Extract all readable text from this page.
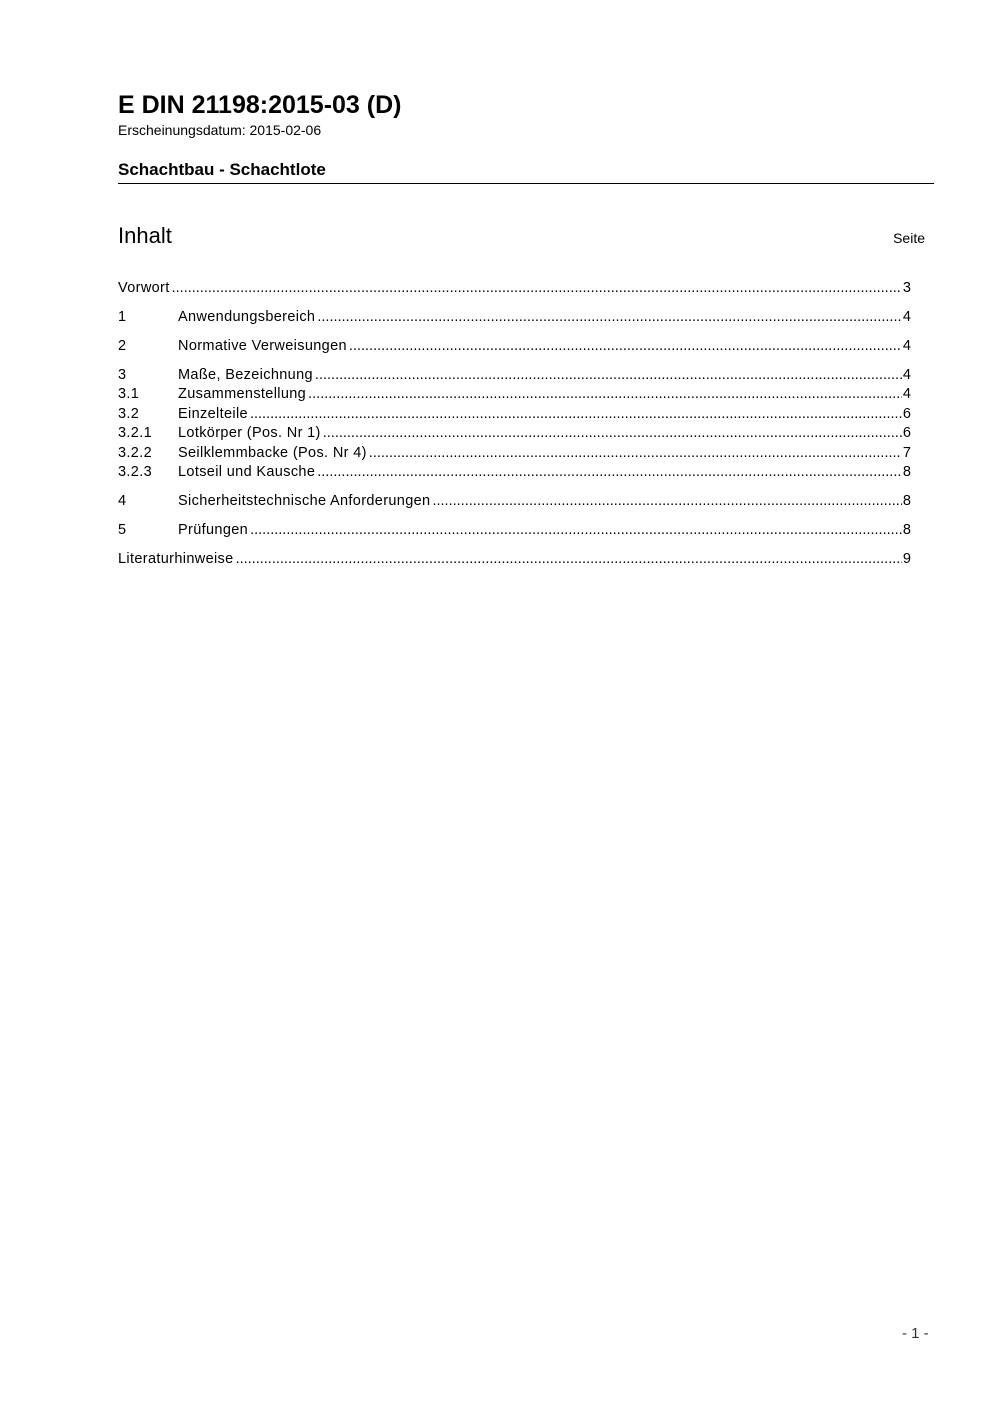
E DIN 21198:2015-03 (D)
Erscheinungsdatum: 2015-02-06
Schachtbau - Schachtlote
Inhalt	Seite
Vorwort .....	3
1	Anwendungsbereich .....	4
2	Normative Verweisungen .....	4
3	Maße, Bezeichnung .....	4
3.1	Zusammenstellung .....	4
3.2	Einzelteile .....	6
3.2.1	Lotkörper (Pos. Nr 1) .....	6
3.2.2	Seilklemmbacke (Pos. Nr 4) .....	7
3.2.3	Lotseil und Kausche .....	8
4	Sicherheitstechnische Anforderungen .....	8
5	Prüfungen .....	8
Literaturhinweise .....	9
- 1 -
